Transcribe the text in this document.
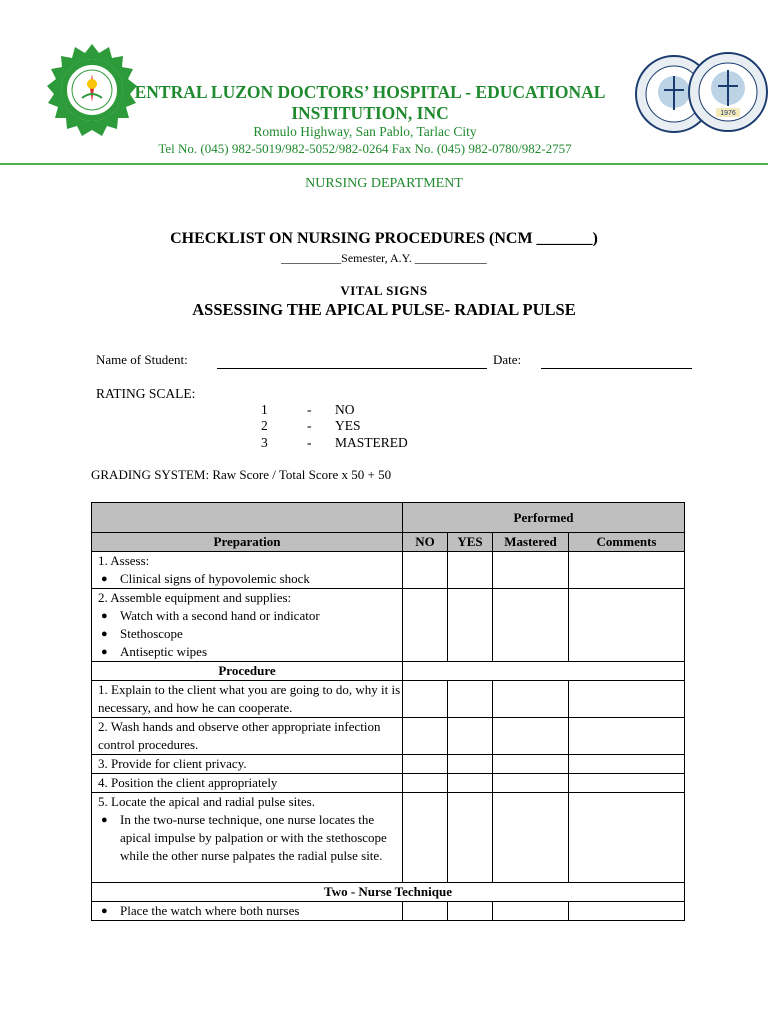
1976
ENTRAL LUZON DOCTORS’ HOSPITAL - EDUCATIONAL
INSTITUTION, INC
Romulo Highway, San Pablo, Tarlac City
Tel No. (045) 982-5019/982-5052/982-0264 Fax No. (045) 982-0780/982-2757
NURSING DEPARTMENT
CHECKLIST ON NURSING PROCEDURES (NCM _______)
__________Semester, A.Y. ____________
VITAL SIGNS
ASSESSING THE APICAL PULSE- RADIAL PULSE
Name of Student:	Date:
RATING SCALE:
1	- NO
2	- YES
3	- MASTERED
GRADING SYSTEM: Raw Score / Total Score x 50 + 50
	Performed			
Preparation	NO	YES	Mastered	Comments
1. Assess:
● Clinical signs of hypovolemic shock

2. Assemble equipment and supplies:
● Watch with a second hand or indicator
● Stethoscope
● Antiseptic wipes

Procedure				
1. Explain to the client what you are going to do, why it is necessary, and how he can cooperate.				
2. Wash hands and observe other appropriate infection control procedures.				
3. Provide for client privacy.				
4. Position the client appropriately				
5. Locate the apical and radial pulse sites.
● In the two-nurse technique, one nurse locates the apical impulse by palpation or with the stethoscope while the other nurse palpates the radial pulse site.

Two - Nurse Technique				

● Place the watch where both nurses
